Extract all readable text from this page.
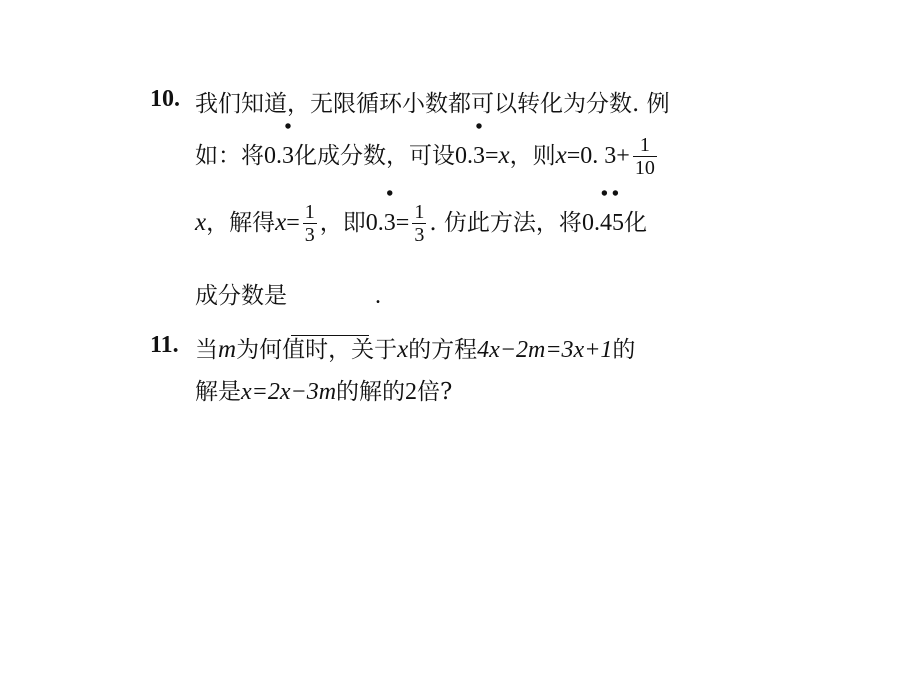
10. 我们知道，无限循环小数都可以转化为分数. 例
如：将 0.
•
3 化成分数，可设 0.
•
3 = x ，则 x =0. $3+ \frac{1}{10}$
x ，解得 $x = \frac{1}{3}$ ，即 0.
•
$3 = \frac{1}{3}$ . 仿此方法，将 0.
••
45 化
成分数是	.
11. 当 m 为何值时，关于 x 的方程 4x−2m=3x+1 的
解是 x=2x−3m 的解的 2 倍?
